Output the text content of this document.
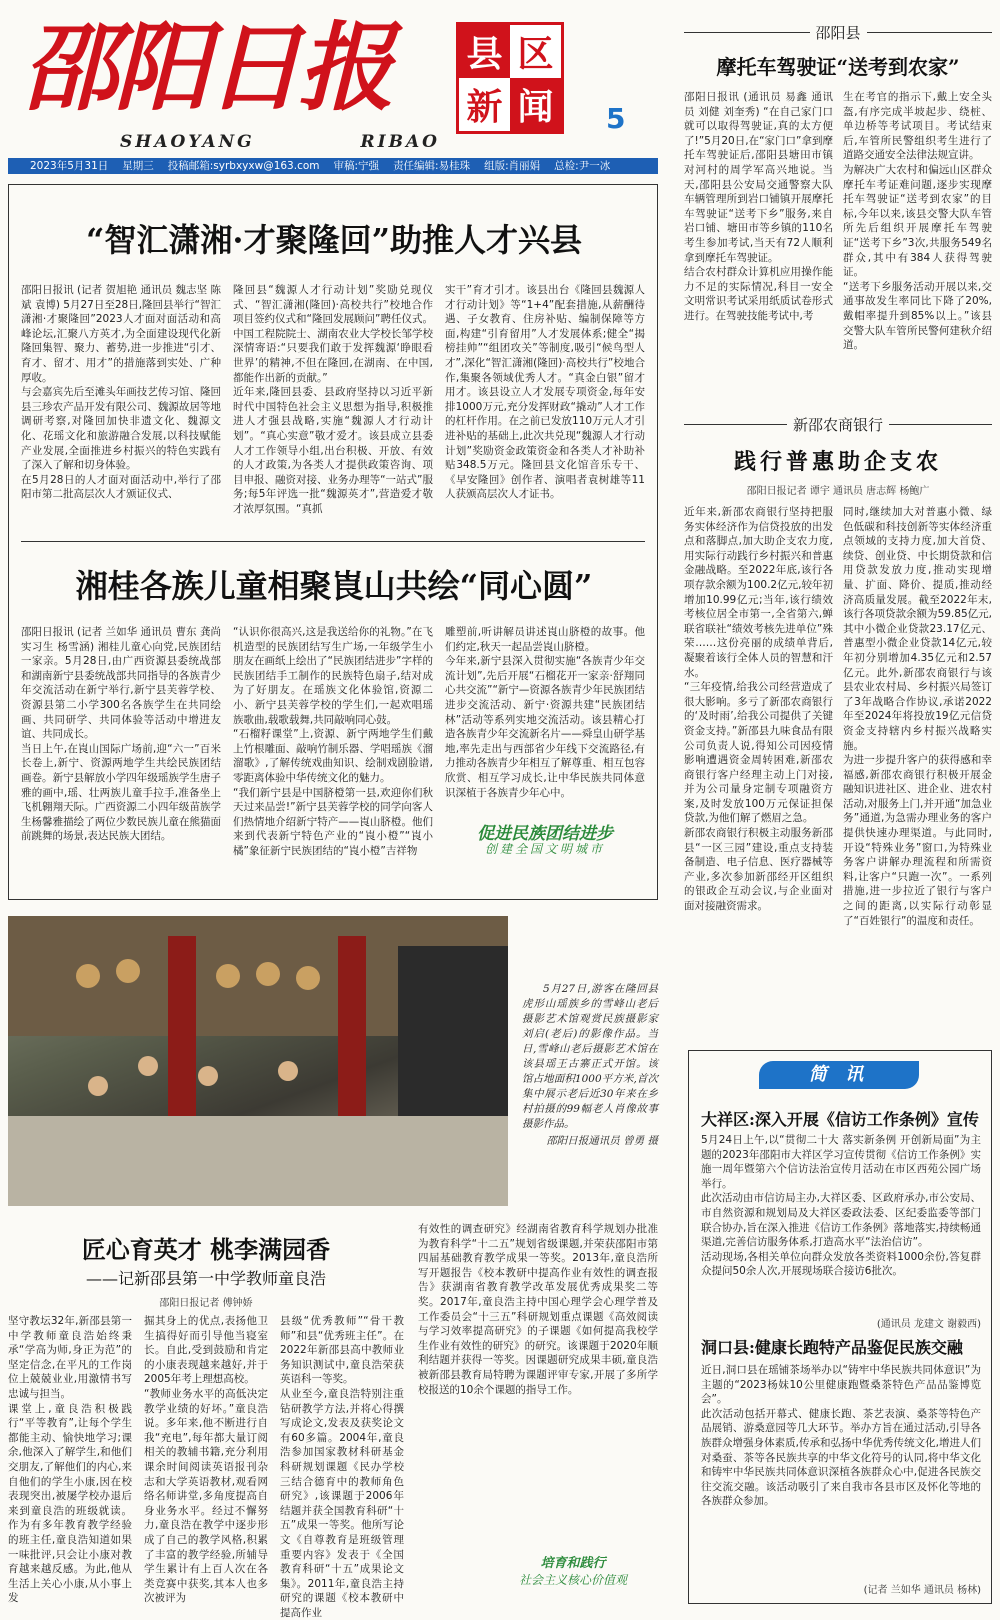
邵阳日报
SHAOYANG	RIBAO
县 区
新 闻 5
2023年5月31日 星期三 投稿邮箱:syrbxyxw@163.com 审稿:宁强 责任编辑:易桂珠 组版:肖丽娟 总检:尹一冰
“智汇潇湘·才聚隆回”助推人才兴县
邵阳日报讯 (记者 贺旭艳 通讯员 魏志坚 陈斌 袁博) 5月27日至28日,隆回县举行“智汇潇湘·才聚隆回”2023人才面对面活动和高峰论坛,汇聚八方英才,为全面建设现代化新隆回集智、聚力、蓄势,进一步推进“引才、育才、留才、用才”的措施落到实处、广种厚收。
与会嘉宾先后至滩头年画技艺传习馆、隆回县三珍农产品开发有限公司、魏源故居等地调研考察,对隆回加快非遗文化、魏源文化、花瑶文化和旅游融合发展,以科技赋能产业发展,全面推进乡村振兴的特色实践有了深入了解和切身体验。
在5月28日的人才面对面活动中,举行了邵阳市第二批高层次人才颁证仪式、
隆回县“魏源人才行动计划”奖励兑现仪式、“智汇潇湘(隆回)·高校共行”校地合作项目签约仪式和“隆回发展顾问”聘任仪式。中国工程院院士、湖南农业大学校长邹学校深情寄语:“只要我们敢于发挥魏源‘睁眼看世界’的精神,不但在隆回,在湖南、在中国,都能作出新的贡献。”
近年来,隆回县委、县政府坚持以习近平新时代中国特色社会主义思想为指导,积极推进人才强县战略,实施“魏源人才行动计划”。“真心实意”敬才爱才。该县成立县委人才工作领导小组,出台积极、开放、有效的人才政策,为各类人才提供政策咨询、项目申报、融资对接、业务办理等“一站式”服务;每5年评选一批“魏源英才”,营造爱才敬才浓厚氛围。“真抓
实干”育才引才。该县出台《隆回县魏源人才行动计划》等“1+4”配套措施,从薪酬待遇、子女教育、住房补贴、编制保障等方面,构建“引育留用”人才发展体系;健全“揭榜挂帅”“组团攻关”等制度,吸引“候鸟型人才”,深化“智汇潇湘(隆回)·高校共行”校地合作,集聚各领域优秀人才。“真金白银”留才用才。该县设立人才发展专项资金,每年安排1000万元,充分发挥财政“撬动”人才工作的杠杆作用。在之前已发放110万元人才引进补贴的基础上,此次共兑现“魏源人才行动计划”奖励资金政策资金和各类人才补助补贴348.5万元。隆回县文化馆音乐专干、《早安隆回》创作者、演唱者袁树雄等11人获颁高层次人才证书。
湘桂各族儿童相聚崀山共绘“同心圆”
邵阳日报讯 (记者 兰如华 通讯员 曹东 龚尚 实习生 杨雪涵) 湘桂儿童心向党,民族团结一家亲。5月28日,由广西资源县委统战部和湖南新宁县委统战部共同指导的各族青少年交流活动在新宁举行,新宁县芙蓉学校、资源县第二小学300名各族学生在共同绘画、共同研学、共同体验等活动中增进友谊、共同成长。
当日上午,在崀山国际广场前,迎“六一”百米长卷上,新宁、资源两地学生共绘民族团结画卷。新宁县解放小学四年级瑶族学生唐子雅的画中,瑶、壮两族儿童手拉手,准备坐上飞机翱翔天际。广西资源二小四年级苗族学生杨馨雅描绘了两位少数民族儿童在熊猫面前跳舞的场景,表达民族大团结。
“认识你很高兴,这是我送给你的礼物。”在飞机造型的民族团结写生广场,一年级学生小朋友在画纸上绘出了“民族团结进步”字样的民族团结手工制作的民族特色扇子,结对成为了好朋友。在瑶族文化体验馆,资源二小、新宁县芙蓉学校的学生们,一起欢唱瑶族歌曲,载歌载舞,共同敲响同心鼓。
“石榴籽课堂”上,资源、新宁两地学生们戴上竹根雕面、敲响竹制乐器、学唱瑶族《溜溜歌》,了解传统戏曲知识、绘制戏剧脸谱,零距离体验中华传统文化的魅力。
“我们新宁县是中国脐橙第一县,欢迎你们秋天过来品尝!”新宁县芙蓉学校的同学向客人们热情地介绍新宁特产——崀山脐橙。他们来到代表新宁特色产业的“崀小橙”“崀小橘”象征新宁民族团结的“崀小橙”吉祥物
雕塑前,听讲解员讲述崀山脐橙的故事。他们约定,秋天一起品尝崀山脐橙。
今年来,新宁县深入贯彻实施“各族青少年交流计划”,先后开展“石榴花开一家亲·舒翔同心共交流”“新宁—资源各族青少年民族团结进步交流活动、新宁·资源共建“民族团结林”活动等系列实地交流活动。该县精心打造各族青少年交流新名片——舜皇山研学基地,率先走出与西部省少年线下交流路径,有力推动各族青少年相互了解尊重、相互包容欣赏、相互学习成长,让中华民族共同体意识深植于各族青少年心中。
促进民族团结进步
创建全国文明城市
5月27日,游客在隆回县虎形山瑶族乡的雪峰山老后摄影艺术馆观赏民族摄影家刘启(老后)的影像作品。当日,雪峰山老后摄影艺术馆在该县瑶王古寨正式开馆。该馆占地面积1000平方米,首次集中展示老后近30年来在乡村拍摄的99幅老人肖像故事摄影作品。
邵阳日报通讯员 曾勇 摄
匠心育英才 桃李满园香
——记新邵县第一中学教师童良浩
邵阳日报记者 傅钟娇
坚守教坛32年,新邵县第一中学教师童良浩始终秉承“学高为师,身正为范”的坚定信念,在平凡的工作岗位上兢兢业业,用激情书写忠诚与担当。
课堂上,童良浩积极践行“平等教育”,让每个学生都能主动、愉快地学习;课余,他深入了解学生,和他们交朋友,了解他们的内心,来自他们的学生小康,因在校表现突出,被屡学校办退后来到童良浩的班级就读。作为有多年教育教学经验的班主任,童良浩知道如果一味批评,只会让小康对教育越来越反感。为此,他从生活上关心小康,从小事上发
掘其身上的优点,表扬他卫生搞得好而引导他当寝室长。自此,受到鼓励和肯定的小康表现越来越好,并于2005年考上理想高校。
“教师业务水平的高低决定教学业绩的好坏。”童良浩说。多年来,他不断进行自我“充电”,每年都大量订阅相关的教辅书籍,充分利用课余时间阅读英语报刊杂志和大学英语教材,观看网络名师讲堂,多角度提高自身业务水平。经过不懈努力,童良浩在教学中逐步形成了自己的教学风格,积累了丰富的教学经验,所辅导学生累计有上百人次在各类竞赛中获奖,其本人也多次被评为
县级“优秀教师”“骨干教师”和县“优秀班主任”。在2022年新邵县高中教师业务知识测试中,童良浩荣获英语科一等奖。
从业至今,童良浩特别注重钻研教学方法,并将心得撰写成论文,发表及获奖论文有60多篇。2004年,童良浩参加国家教材科研基金科研规划课题《民办学校三结合德育中的教师角色研究》,该课题于2006年结题并获全国教育科研“十五”成果一等奖。他所写论文《自尊教育是班级管理重要内容》发表于《全国教育科研“十五”成果论文集》。2011年,童良浩主持研究的课题《校本教研中提高作业
有效性的调查研究》经湖南省教育科学规划办批准为教育科学“十二五”规划省级课题,并荣获邵阳市第四届基础教育教学成果一等奖。2013年,童良浩所写开题报告《校本教研中提高作业有效性的调查报告》获湖南省教育教学改革发展优秀成果奖二等奖。2017年,童良浩主持中国心理学会心理学普及工作委员会“十三五”科研规划重点课题《高效阅读与学习效率提高研究》的子课题《如何提高我校学生作业有效性的研究》的研究。该课题于2020年顺利结题并获得一等奖。因课题研究成果丰硕,童良浩被新邵县教育局特聘为课题评审专家,开展了多所学校报送的10余个课题的指导工作。
培育和践行
社会主义核心价值观
邵阳县
摩托车驾驶证“送考到农家”
邵阳日报讯 (通讯员 易鑫 通讯员 刘健 刘奎秀) “在自己家门口就可以取得驾驶证,真的太方便了!”5月20日,在“家门口”拿到摩托车驾驶证后,邵阳县塘田市镇对河村的周学军高兴地说。当天,邵阳县公安局交通警察大队车辆管理所到岩口铺镇开展摩托车驾驶证“送考下乡”服务,来自岩口铺、塘田市等乡镇的110名考生参加考试,当天有72人顺利拿到摩托车驾驶证。
结合农村群众计算机应用操作能力不足的实际情况,科目一安全文明常识考试采用纸质试卷形式进行。在驾驶技能考试中,考
生在考官的指示下,戴上安全头盔,有序完成半坡起步、绕桩、单边桥等考试项目。考试结束后,车管所民警组织考生进行了道路交通安全法律法规宣讲。
为解决广大农村和偏远山区群众摩托车考证难问题,逐步实现摩托车驾驶证“送考到农家”的目标,今年以来,该县交警大队车管所先后组织开展摩托车驾驶证“送考下乡”3次,共服务549名群众,其中有384人获得驾驶证。
“送考下乡服务活动开展以来,交通事故发生率同比下降了20%,戴帽率提升到85%以上。”该县交警大队车管所民警何建秋介绍道。
新邵农商银行
践行普惠助企支农
邵阳日报记者 谭宇 通讯员 唐志辉 杨鲍广
近年来,新邵农商银行坚持把服务实体经济作为信贷投放的出发点和落脚点,加大助企支农力度,用实际行动践行乡村振兴和普惠金融战略。至2022年底,该行各项存款余额为100.2亿元,较年初增加10.99亿元;当年,该行绩效考核位居全市第一,全省第六,蝉联省联社“绩效考核先进单位”殊荣……这份亮丽的成绩单背后,凝聚着该行全体人员的智慧和汗水。
“三年疫情,给我公司经营造成了很大影响。多亏了新邵农商银行的‘及时雨’,给我公司提供了关键资金支持。”新邵县九味食品有限公司负责人说,得知公司因疫情影响遭遇资金周转困难,新邵农商银行客户经理主动上门对接,并为公司量身定制专项融资方案,及时发放100万元保证担保贷款,为他们解了燃眉之急。
新邵农商银行积极主动服务新邵县“一区三园”建设,重点支持装备制造、电子信息、医疗器械等产业,多次参加新邵经开区组织的银政企互动会议,与企业面对面对接融资需求。
同时,继续加大对普惠小微、绿色低碳和科技创新等实体经济重点领域的支持力度,加大首贷、续贷、创业贷、中长期贷款和信用贷款发放力度,推动实现增量、扩面、降价、提质,推动经济高质量发展。截至2022年末,该行各项贷款余额为59.85亿元,其中小微企业贷款23.17亿元、普惠型小微企业贷款14亿元,较年初分别增加4.35亿元和2.57亿元。此外,新邵农商银行与该县农业农村局、乡村振兴局签订了3年战略合作协议,承诺2022年至2024年将投放19亿元信贷资金支持辖内乡村振兴战略实施。
为进一步提升客户的获得感和幸福感,新邵农商银行积极开展金融知识进社区、进企业、进农村活动,对服务上门,并开通“加急业务”通道,为急需办理业务的客户提供快速办理渠道。与此同时,开设“特殊业务”窗口,为特殊业务客户讲解办理流程和所需资料,让客户“只跑一次”。一系列措施,进一步拉近了银行与客户之间的距离,以实际行动彰显了“百姓银行”的温度和责任。
简 讯
大祥区:深入开展《信访工作条例》宣传
5月24日上午,以“贯彻二十大 落实新条例 开创新局面”为主题的2023年邵阳市大祥区学习宣传贯彻《信访工作条例》实施一周年暨第六个信访法治宣传月活动在市区西苑公园广场举行。
此次活动由市信访局主办,大祥区委、区政府承办,市公安局、市自然资源和规划局及大祥区委政法委、区纪委监委等部门联合协办,旨在深入推进《信访工作条例》落地落实,持续畅通渠道,完善信访服务体系,打造高水平“法治信访”。
活动现场,各相关单位向群众发放各类资料1000余份,答复群众提问50余人次,开展现场联合接访6批次。
(通讯员 龙建文 谢毅西)
洞口县:健康长跑特产品鉴促民族交融
近日,洞口县在瑶铺茶场举办以“铸牢中华民族共同体意识”为主题的“2023杨妹10公里健康跑暨桑茶特色产品品鉴博览会”。
此次活动包括开幕式、健康长跑、茶艺表演、桑茶等特色产品展销、游桑意园等几大环节。举办方旨在通过活动,引导各族群众增强身体素质,传承和弘扬中华优秀传统文化,增进人们对桑蚕、茶等各民族共享的中华文化符号的认同,将中华文化和铸牢中华民族共同体意识深植各族群众心中,促进各民族交往交流交融。该活动吸引了来自我市各县市区及怀化等地的各族群众参加。
(记者 兰如华 通讯员 杨林)
